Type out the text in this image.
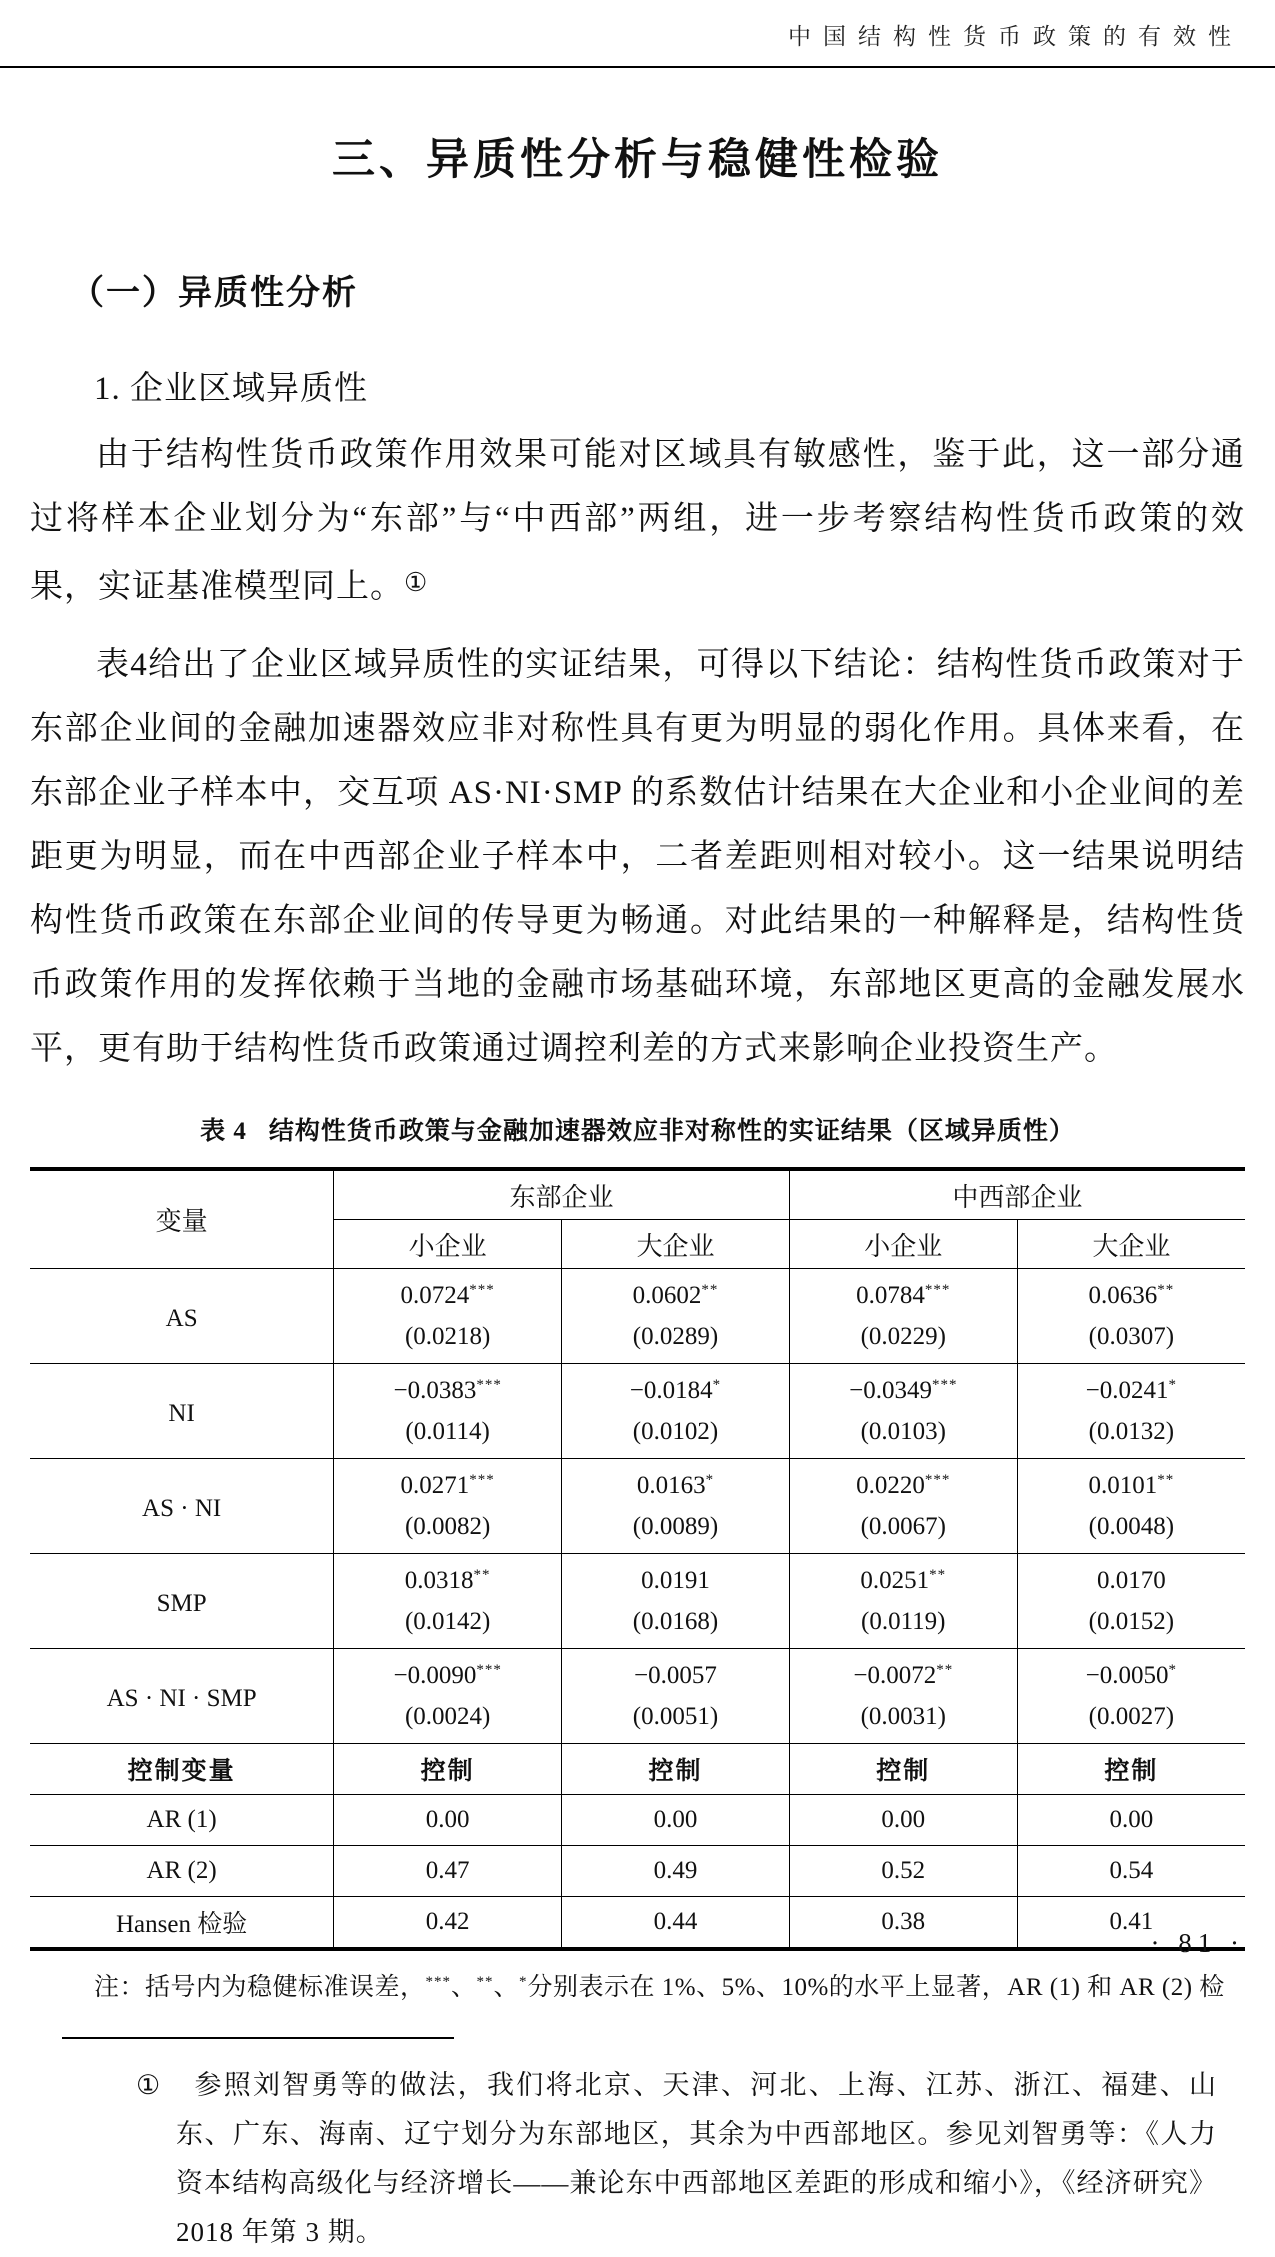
中国结构性货币政策的有效性
三、异质性分析与稳健性检验
（一）异质性分析
1. 企业区域异质性

由于结构性货币政策作用效果可能对区域具有敏感性，鉴于此，这一部分通过将样本企业划分为“东部”与“中西部”两组，进一步考察结构性货币政策的效果，实证基准模型同上。①

表4给出了企业区域异质性的实证结果，可得以下结论：结构性货币政策对于东部企业间的金融加速器效应非对称性具有更为明显的弱化作用。具体来看，在东部企业子样本中，交互项 AS·NI·SMP 的系数估计结果在大企业和小企业间的差距更为明显，而在中西部企业子样本中，二者差距则相对较小。这一结果说明结构性货币政策在东部企业间的传导更为畅通。对此结果的一种解释是，结构性货币政策作用的发挥依赖于当地的金融市场基础环境，东部地区更高的金融发展水平，更有助于结构性货币政策通过调控利差的方式来影响企业投资生产。

表 4 结构性货币政策与金融加速器效应非对称性的实证结果（区域异质性）
变量	东部企业		中西部企业	
	小企业	大企业	小企业	大企业
AS	0.0724***	0.0602**	0.0784***	0.0636**
	(0.0218)	(0.0289)	(0.0229)	(0.0307)
NI	−0.0383***	−0.0184*	−0.0349***	−0.0241*
	(0.0114)	(0.0102)	(0.0103)	(0.0132)
AS · NI	0.0271***	0.0163*	0.0220***	0.0101**
	(0.0082)	(0.0089)	(0.0067)	(0.0048)
SMP	0.0318**	0.0191	0.0251**	0.0170
	(0.0142)	(0.0168)	(0.0119)	(0.0152)
AS · NI · SMP	−0.0090***	−0.0057	−0.0072**	−0.0050*
	(0.0024)	(0.0051)	(0.0031)	(0.0027)
控制变量	控制	控制	控制	控制
AR (1)	0.00	0.00	0.00	0.00
AR (2)	0.47	0.49	0.52	0.54
Hansen 检验	0.42	0.44	0.38	0.41
注：括号内为稳健标准误差，***、**、*分别表示在 1%、5%、10%的水平上显著，AR (1) 和 AR (2) 检
① 参照刘智勇等的做法，我们将北京、天津、河北、上海、江苏、浙江、福建、山东、广东、海南、辽宁划分为东部地区，其余为中西部地区。参见刘智勇等：《人力资本结构高级化与经济增长——兼论东中西部地区差距的形成和缩小》，《经济研究》2018 年第 3 期。
· 81 ·
